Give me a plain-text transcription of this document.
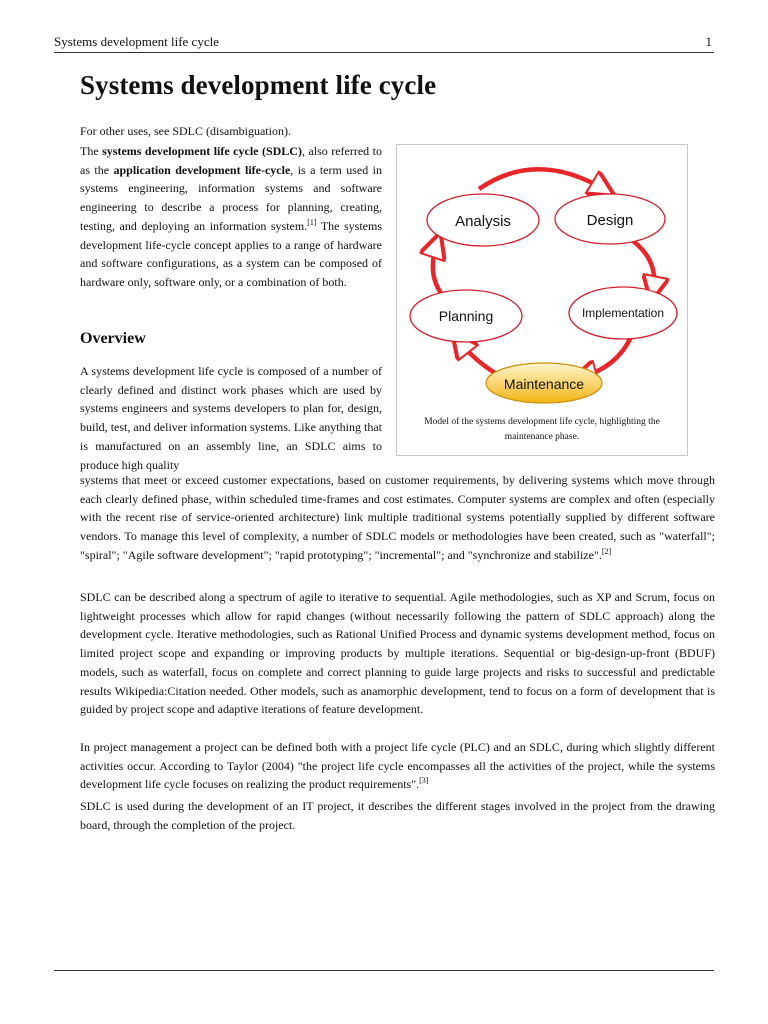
Systems development life cycle	1
Systems development life cycle

For other uses, see SDLC (disambiguation).

The systems development life cycle (SDLC), also referred to as the application development life-cycle, is a term used in systems engineering, information systems and software engineering to describe a process for planning, creating, testing, and deploying an information system.[1] The systems development life-cycle concept applies to a range of hardware and software configurations, as a system can be composed of hardware only, software only, or a combination of both.

Overview

A systems development life cycle is composed of a number of clearly defined and distinct work phases which are used by systems engineers and systems developers to plan for, design, build, test, and deliver information systems. Like anything that is manufactured on an assembly line, an SDLC aims to produce high quality

systems that meet or exceed customer expectations, based on customer requirements, by delivering systems which move through each clearly defined phase, within scheduled time-frames and cost estimates. Computer systems are complex and often (especially with the recent rise of service-oriented architecture) link multiple traditional systems potentially supplied by different software vendors. To manage this level of complexity, a number of SDLC models or methodologies have been created, such as "waterfall"; "spiral"; "Agile software development"; "rapid prototyping"; "incremental"; and "synchronize and stabilize".[2]

SDLC can be described along a spectrum of agile to iterative to sequential. Agile methodologies, such as XP and Scrum, focus on lightweight processes which allow for rapid changes (without necessarily following the pattern of SDLC approach) along the development cycle. Iterative methodologies, such as Rational Unified Process and dynamic systems development method, focus on limited project scope and expanding or improving products by multiple iterations. Sequential or big-design-up-front (BDUF) models, such as waterfall, focus on complete and correct planning to guide large projects and risks to successful and predictable results Wikipedia:Citation needed. Other models, such as anamorphic development, tend to focus on a form of development that is guided by project scope and adaptive iterations of feature development.

In project management a project can be defined both with a project life cycle (PLC) and an SDLC, during which slightly different activities occur. According to Taylor (2004) "the project life cycle encompasses all the activities of the project, while the systems development life cycle focuses on realizing the product requirements".[3]

SDLC is used during the development of an IT project, it describes the different stages involved in the project from the drawing board, through the completion of the project.

Analysis	Design
Implementation
Planning
Maintenance
Model of the systems development life cycle, highlighting the maintenance phase.
